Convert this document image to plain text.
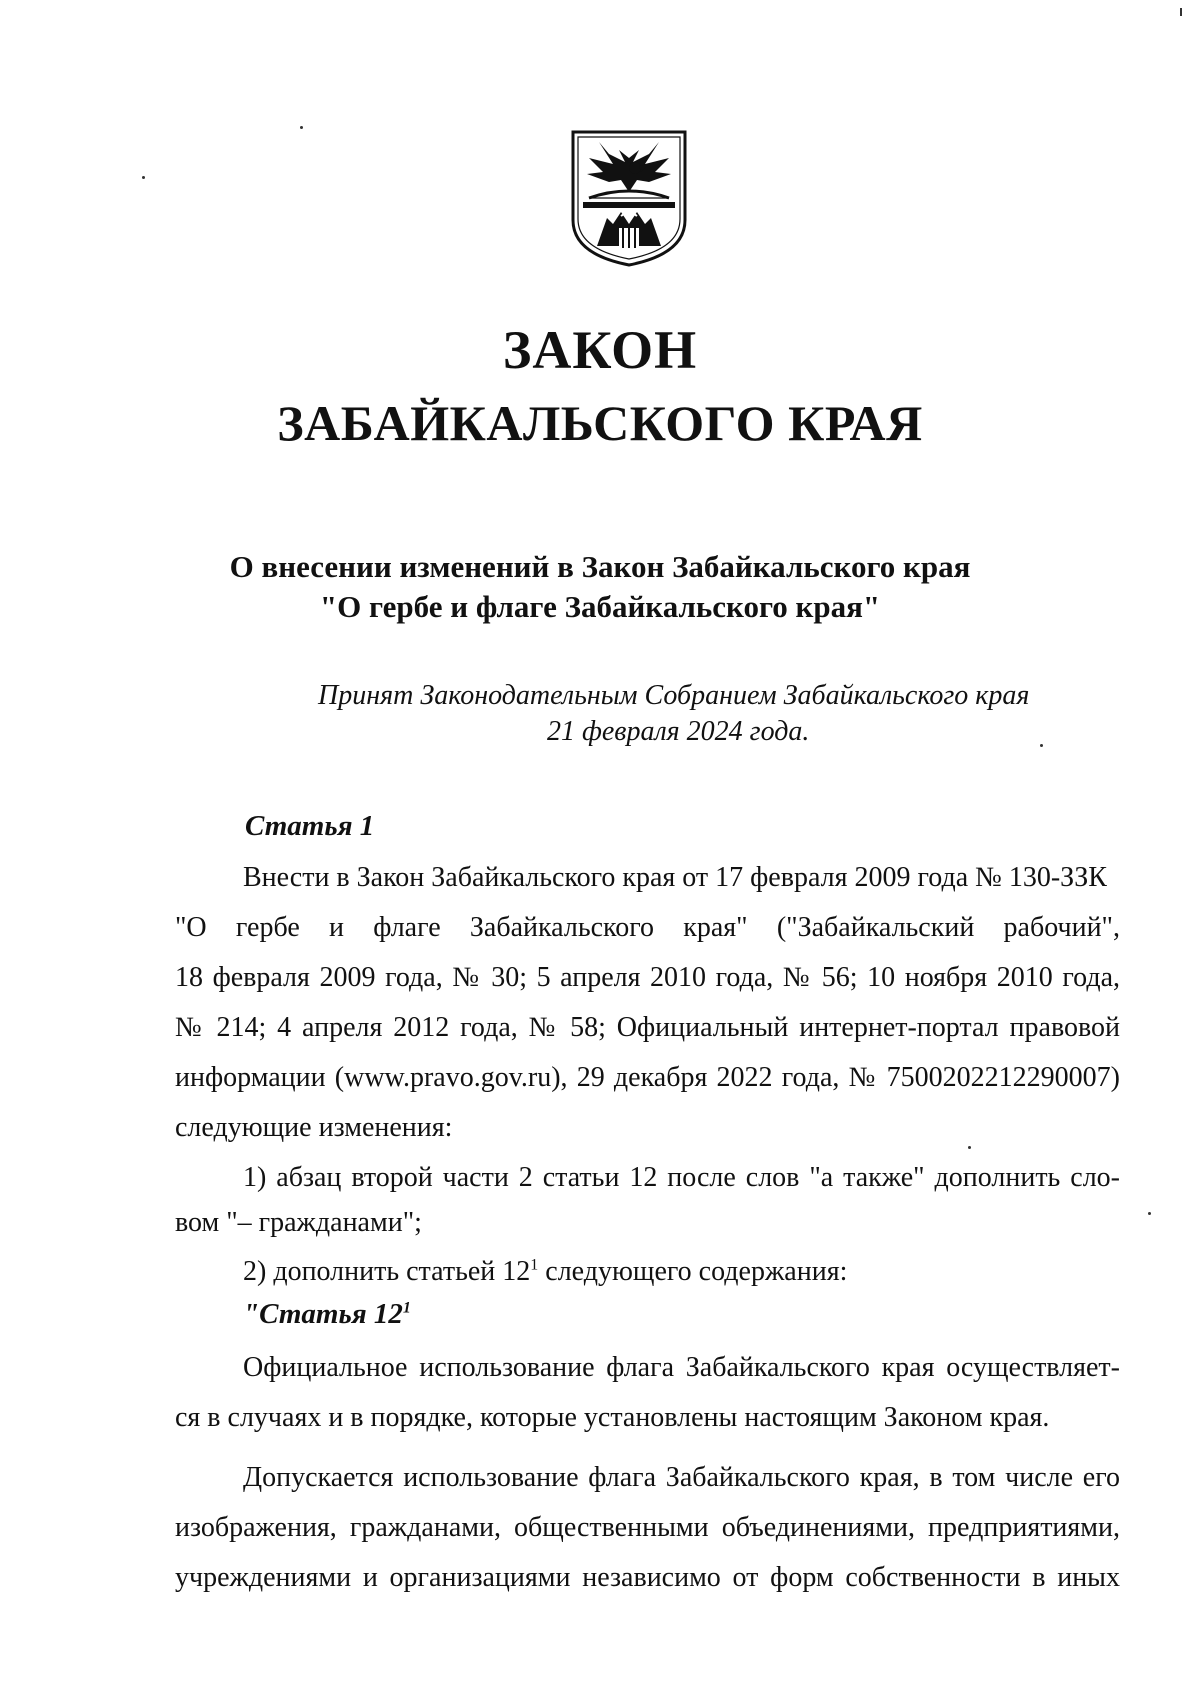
ЗАКОН
ЗАБАЙКАЛЬСКОГО КРАЯ
О внесении изменений в Закон Забайкальского края
"О гербе и флаге Забайкальского края"
Принят Законодательным Собранием Забайкальского края
21 февраля 2024 года.
Статья 1
Внести в Закон Забайкальского края от 17 февраля 2009 года № 130-ЗЗК
"О гербе и флаге Забайкальского края" ("Забайкальский рабочий",
18 февраля 2009 года, № 30; 5 апреля 2010 года, № 56; 10 ноября 2010 года,
№ 214; 4 апреля 2012 года, № 58; Официальный интернет-портал правовой
информации (www.pravo.gov.ru), 29 декабря 2022 года, № 7500202212290007)
следующие изменения:
1) абзац второй части 2 статьи 12 после слов "а также" дополнить сло-
вом "– гражданами";
2) дополнить статьей $12^1$ следующего содержания:
"Статья $12^1$
Официальное использование флага Забайкальского края осуществляет-
ся в случаях и в порядке, которые установлены настоящим Законом края.
Допускается использование флага Забайкальского края, в том числе его
изображения, гражданами, общественными объединениями, предприятиями,
учреждениями и организациями независимо от форм собственности в иных
